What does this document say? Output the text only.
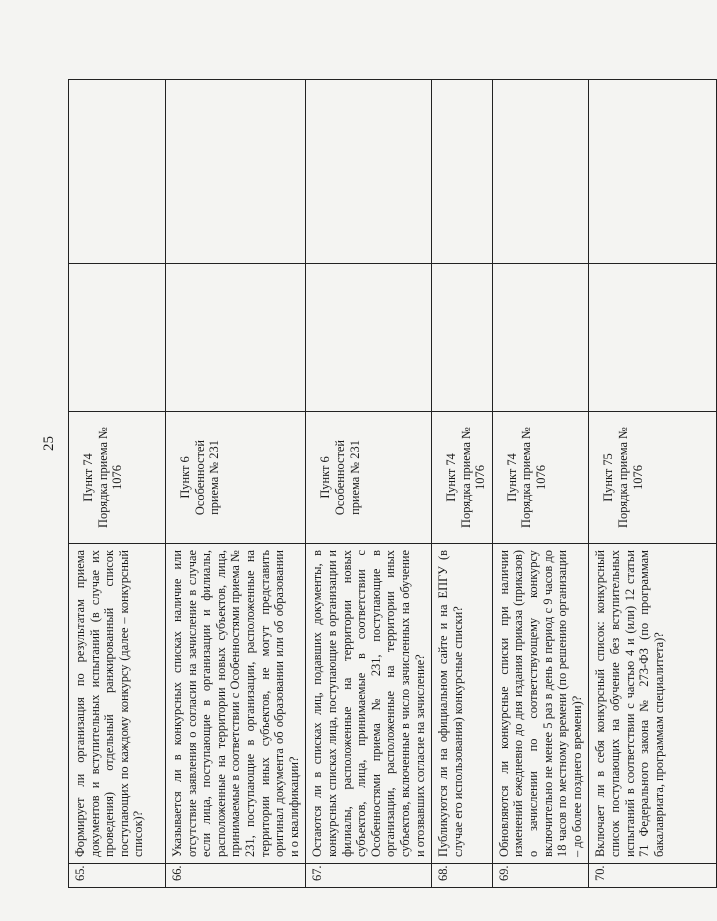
25
65.	Формирует ли организация по результатам приема документов и вступительных испытаний (в случае их проведения) отдельный ранжированный список поступающих по каждому конкурсу (далее – конкурсный список)?	Пункт 74 Порядка приема № 1076		

66.	Указывается ли в конкурсных списках наличие или отсутствие заявления о согласии на зачисление в случае если лица, поступающие в организации и филиалы, расположенные на территории новых субъектов, лица, принимаемые в соответствии с Особенностями приема № 231, поступающие в организации, расположенные на территории иных субъектов, не могут представить оригинал документа об образовании или об образовании и о квалификации?	Пункт 6 Особенностей приема № 231		

67.	Остаются ли в списках лиц, подавших документы, в конкурсных списках лица, поступающие в организации и филиалы, расположенные на территории новых субъектов, лица, принимаемые в соответствии с Особенностями приема № 231, поступающие в организации, расположенные на территории иных субъектов, включенные в число зачисленных на обучение и отозвавших согласие на зачисление?	Пункт 6 Особенностей приема № 231		

68.	Публикуются ли на официальном сайте и на ЕПГУ (в случае его использования) конкурсные списки?	Пункт 74 Порядка приема № 1076		

69.	Обновляются ли конкурсные списки при наличии изменений ежедневно до дня издания приказа (приказов) о зачислении по соответствующему конкурсу включительно не менее 5 раз в день в период с 9 часов до 18 часов по местному времени (по решению организации – до более позднего времени)?	Пункт 74 Порядка приема № 1076		

70.	Включает ли в себя конкурсный список: конкурсный список поступающих на обучение без вступительных испытаний в соответствии с частью 4 и (или) 12 статьи 71 Федерального закона № 273-ФЗ (по программам бакалавриата, программам специалитета)?	Пункт 75 Порядка приема № 1076		
